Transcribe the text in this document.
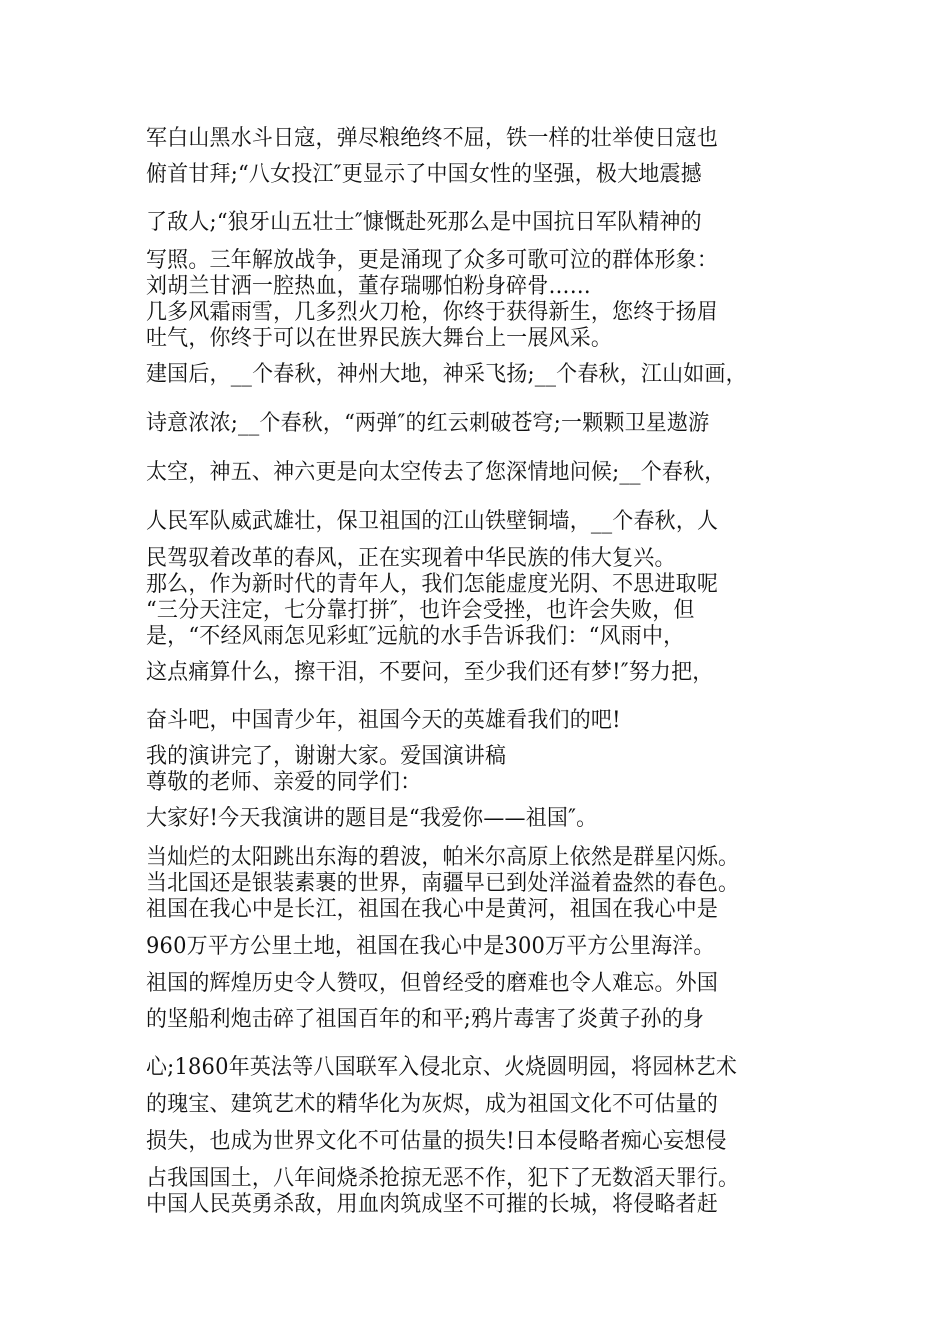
军白山黑水斗日寇，弹尽粮绝终不屈，铁一样的壮举使日寇也
俯首甘拜;“八女投江″更显示了中国女性的坚强，极大地震撼
了敌人;“狼牙山五壮士″慷慨赴死那么是中国抗日军队精神的
写照。三年解放战争，更是涌现了众多可歌可泣的群体形象：
刘胡兰甘洒一腔热血，董存瑞哪怕粉身碎骨……
几多风霜雨雪，几多烈火刀枪，你终于获得新生，您终于扬眉
吐气，你终于可以在世界民族大舞台上一展风采。
建国后，__个春秋，神州大地，神采飞扬;__个春秋，江山如画，
诗意浓浓;__个春秋，“两弹″的红云刺破苍穹;一颗颗卫星遨游
太空，神五、神六更是向太空传去了您深情地问候;__个春秋，
人民军队威武雄壮，保卫祖国的江山铁壁铜墙，__个春秋，人
民驾驭着改革的春风，正在实现着中华民族的伟大复兴。
那么，作为新时代的青年人，我们怎能虚度光阴、不思进取呢
“三分天注定，七分靠打拼″，也许会受挫，也许会失败，但
是，“不经风雨怎见彩虹″远航的水手告诉我们：“风雨中，
这点痛算什么，擦干泪，不要问，至少我们还有梦!″努力把，
奋斗吧，中国青少年，祖国今天的英雄看我们的吧!
我的演讲完了，谢谢大家。爱国演讲稿
尊敬的老师、亲爱的同学们：
大家好!今天我演讲的题目是“我爱你——祖国″。
当灿烂的太阳跳出东海的碧波，帕米尔高原上依然是群星闪烁。
当北国还是银装素裹的世界，南疆早已到处洋溢着盎然的春色。
祖国在我心中是长江，祖国在我心中是黄河，祖国在我心中是
960万平方公里土地，祖国在我心中是300万平方公里海洋。
祖国的辉煌历史令人赞叹，但曾经受的磨难也令人难忘。外国
的坚船利炮击碎了祖国百年的和平;鸦片毒害了炎黄子孙的身
心;1860年英法等八国联军入侵北京、火烧圆明园，将园林艺术
的瑰宝、建筑艺术的精华化为灰烬，成为祖国文化不可估量的
损失，也成为世界文化不可估量的损失!日本侵略者痴心妄想侵
占我国国土，八年间烧杀抢掠无恶不作，犯下了无数滔天罪行。
中国人民英勇杀敌，用血肉筑成坚不可摧的长城，将侵略者赶
